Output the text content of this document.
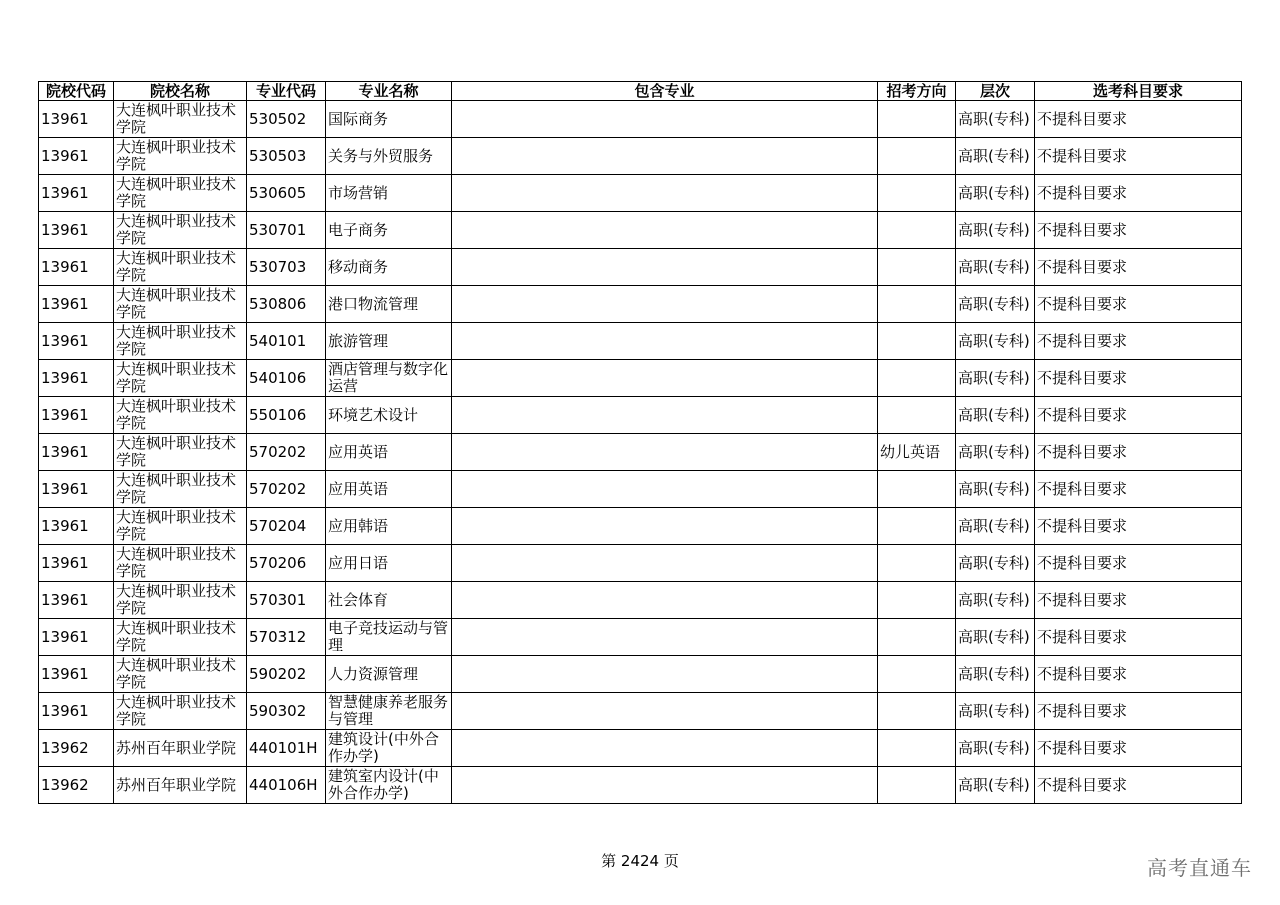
院校代码	院校名称	专业代码	专业名称	包含专业	招考方向	层次	选考科目要求
13961	大连枫叶职业技术学院	530502	国际商务			高职(专科)	不提科目要求
13961	大连枫叶职业技术学院	530503	关务与外贸服务			高职(专科)	不提科目要求
13961	大连枫叶职业技术学院	530605	市场营销			高职(专科)	不提科目要求
13961	大连枫叶职业技术学院	530701	电子商务			高职(专科)	不提科目要求
13961	大连枫叶职业技术学院	530703	移动商务			高职(专科)	不提科目要求
13961	大连枫叶职业技术学院	530806	港口物流管理			高职(专科)	不提科目要求
13961	大连枫叶职业技术学院	540101	旅游管理			高职(专科)	不提科目要求
13961	大连枫叶职业技术学院	540106	酒店管理与数字化运营			高职(专科)	不提科目要求
13961	大连枫叶职业技术学院	550106	环境艺术设计			高职(专科)	不提科目要求
13961	大连枫叶职业技术学院	570202	应用英语		幼儿英语	高职(专科)	不提科目要求
13961	大连枫叶职业技术学院	570202	应用英语			高职(专科)	不提科目要求
13961	大连枫叶职业技术学院	570204	应用韩语			高职(专科)	不提科目要求
13961	大连枫叶职业技术学院	570206	应用日语			高职(专科)	不提科目要求
13961	大连枫叶职业技术学院	570301	社会体育			高职(专科)	不提科目要求
13961	大连枫叶职业技术学院	570312	电子竞技运动与管理			高职(专科)	不提科目要求
13961	大连枫叶职业技术学院	590202	人力资源管理			高职(专科)	不提科目要求
13961	大连枫叶职业技术学院	590302	智慧健康养老服务与管理			高职(专科)	不提科目要求
13962	苏州百年职业学院	440101H	建筑设计(中外合作办学)			高职(专科)	不提科目要求
13962	苏州百年职业学院	440106H	建筑室内设计(中外合作办学)			高职(专科)	不提科目要求
第 2424 页	高考直通车
